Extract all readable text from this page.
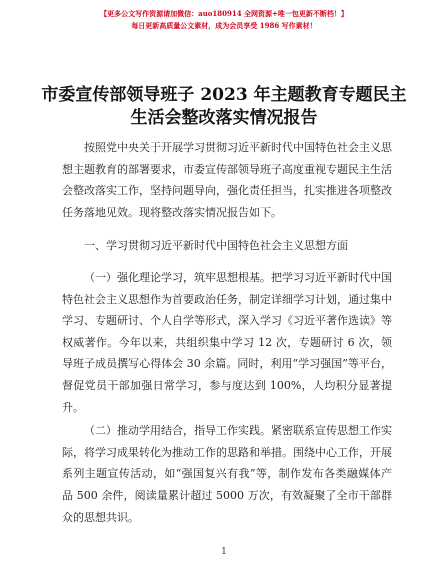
【更多公文写作资源请加微信：auo180914 全网资源+唯一包更新不断档！】
每日更新高质量公文素材，成为会员享受 1986 写作素材！
市委宣传部领导班子 2023 年主题教育专题民主
生活会整改落实情况报告

按照党中央关于开展学习贯彻习近平新时代中国特色社会主义思想主题教育的部署要求，市委宣传部领导班子高度重视专题民主生活会整改落实工作，坚持问题导向，强化责任担当，扎实推进各项整改任务落地见效。现将整改落实情况报告如下。

一、学习贯彻习近平新时代中国特色社会主义思想方面

（一）强化理论学习，筑牢思想根基。把学习习近平新时代中国特色社会主义思想作为首要政治任务，制定详细学习计划，通过集中学习、专题研讨、个人自学等形式，深入学习《习近平著作选读》等权威著作。今年以来，共组织集中学习 12 次，专题研讨 6 次，领导班子成员撰写心得体会 30 余篇。同时，利用“学习强国”等平台，督促党员干部加强日常学习，参与度达到 100%，人均积分显著提升。

（二）推动学用结合，指导工作实践。紧密联系宣传思想工作实际，将学习成果转化为推动工作的思路和举措。围绕中心工作，开展系列主题宣传活动，如“强国复兴有我”等，制作发布各类融媒体产品 500 余件，阅读量累计超过 5000 万次，有效凝聚了全市干部群众的思想共识。

1
